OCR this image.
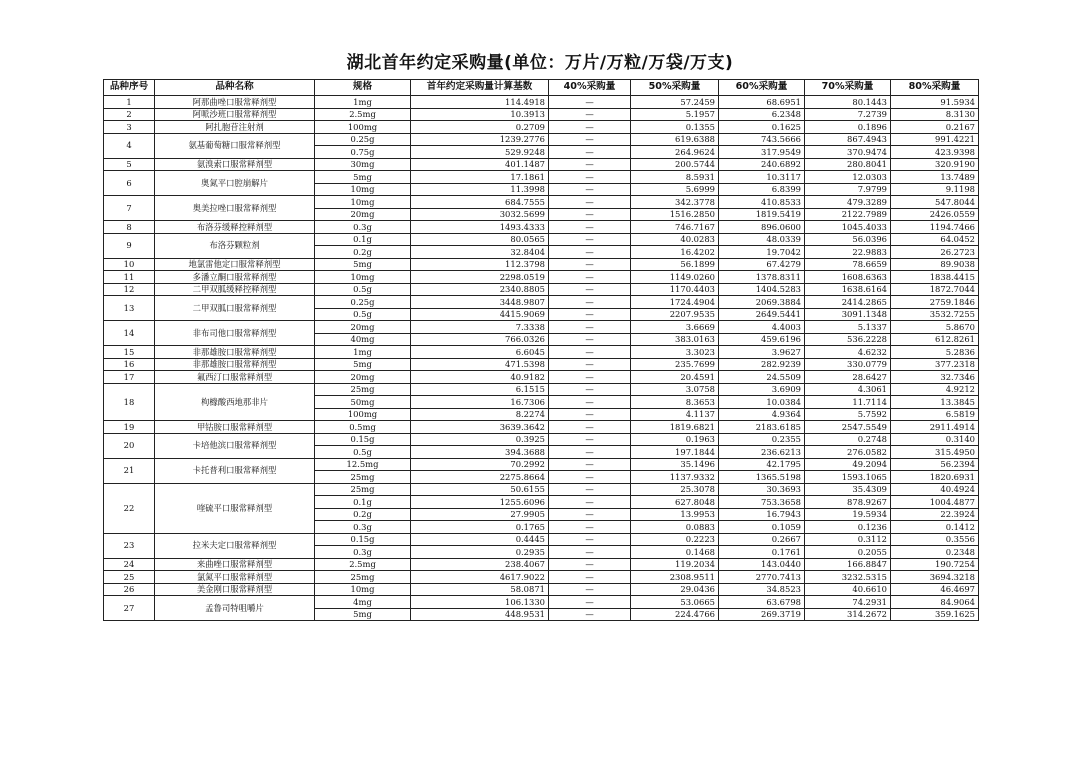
湖北首年约定采购量(单位：万片/万粒/万袋/万支)
品种序号	品种名称	规格	首年约定采购量计算基数	40%采购量	50%采购量	60%采购量	70%采购量	80%采购量
1	阿那曲唑口服常释剂型	1mg	114.4918	—	57.2459	68.6951	80.1443	91.5934
2	阿哌沙班口服常释剂型	2.5mg	10.3913	—	5.1957	6.2348	7.2739	8.3130
3	阿扎胞苷注射剂	100mg	0.2709	—	0.1355	0.1625	0.1896	0.2167
4	氨基葡萄糖口服常释剂型	0.25g	1239.2776	—	619.6388	743.5666	867.4943	991.4221
		0.75g	529.9248	—	264.9624	317.9549	370.9474	423.9398
5	氨溴索口服常释剂型	30mg	401.1487	—	200.5744	240.6892	280.8041	320.9190
6	奥氮平口腔崩解片	5mg	17.1861	—	8.5931	10.3117	12.0303	13.7489
		10mg	11.3998	—	5.6999	6.8399	7.9799	9.1198
7	奥美拉唑口服常释剂型	10mg	684.7555	—	342.3778	410.8533	479.3289	547.8044
		20mg	3032.5699	—	1516.2850	1819.5419	2122.7989	2426.0559
8	布洛芬缓释控释剂型	0.3g	1493.4333	—	746.7167	896.0600	1045.4033	1194.7466
9	布洛芬颗粒剂	0.1g	80.0565	—	40.0283	48.0339	56.0396	64.0452
		0.2g	32.8404	—	16.4202	19.7042	22.9883	26.2723
10	地氯雷他定口服常释剂型	5mg	112.3798	—	56.1899	67.4279	78.6659	89.9038
11	多潘立酮口服常释剂型	10mg	2298.0519	—	1149.0260	1378.8311	1608.6363	1838.4415
12	二甲双胍缓释控释剂型	0.5g	2340.8805	—	1170.4403	1404.5283	1638.6164	1872.7044
13	二甲双胍口服常释剂型	0.25g	3448.9807	—	1724.4904	2069.3884	2414.2865	2759.1846
		0.5g	4415.9069	—	2207.9535	2649.5441	3091.1348	3532.7255
14	非布司他口服常释剂型	20mg	7.3338	—	3.6669	4.4003	5.1337	5.8670
		40mg	766.0326	—	383.0163	459.6196	536.2228	612.8261
15	非那雄胺口服常释剂型	1mg	6.6045	—	3.3023	3.9627	4.6232	5.2836
16	非那雄胺口服常释剂型	5mg	471.5398	—	235.7699	282.9239	330.0779	377.2318
17	氟西汀口服常释剂型	20mg	40.9182	—	20.4591	24.5509	28.6427	32.7346
18	枸橼酸西地那非片	25mg	6.1515	—	3.0758	3.6909	4.3061	4.9212
		50mg	16.7306	—	8.3653	10.0384	11.7114	13.3845
		100mg	8.2274	—	4.1137	4.9364	5.7592	6.5819
19	甲钴胺口服常释剂型	0.5mg	3639.3642	—	1819.6821	2183.6185	2547.5549	2911.4914
20	卡培他滨口服常释剂型	0.15g	0.3925	—	0.1963	0.2355	0.2748	0.3140
		0.5g	394.3688	—	197.1844	236.6213	276.0582	315.4950
21	卡托普利口服常释剂型	12.5mg	70.2992	—	35.1496	42.1795	49.2094	56.2394
		25mg	2275.8664	—	1137.9332	1365.5198	1593.1065	1820.6931
22	喹硫平口服常释剂型	25mg	50.6155	—	25.3078	30.3693	35.4309	40.4924
		0.1g	1255.6096	—	627.8048	753.3658	878.9267	1004.4877
		0.2g	27.9905	—	13.9953	16.7943	19.5934	22.3924
		0.3g	0.1765	—	0.0883	0.1059	0.1236	0.1412
23	拉米夫定口服常释剂型	0.15g	0.4445	—	0.2223	0.2667	0.3112	0.3556
		0.3g	0.2935	—	0.1468	0.1761	0.2055	0.2348
24	来曲唑口服常释剂型	2.5mg	238.4067	—	119.2034	143.0440	166.8847	190.7254
25	氯氮平口服常释剂型	25mg	4617.9022	—	2308.9511	2770.7413	3232.5315	3694.3218
26	美金刚口服常释剂型	10mg	58.0871	—	29.0436	34.8523	40.6610	46.4697
27	孟鲁司特咀嚼片	4mg	106.1330	—	53.0665	63.6798	74.2931	84.9064
		5mg	448.9531	—	224.4766	269.3719	314.2672	359.1625
